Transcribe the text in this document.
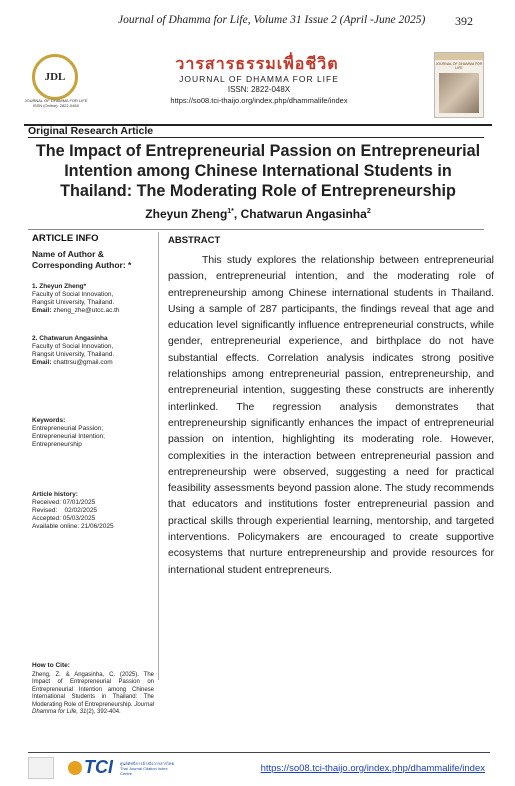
Journal of Dhamma for Life, Volume 31 Issue 2 (April -June 2025) 392
JDL
JOURNAL OF DHAMMA FOR LIFE ISSN (Online): 2822-048X
วารสารธรรมเพื่อชีวิต
JOURNAL OF DHAMMA FOR LIFE
ISSN: 2822-048X
https://so08.tci-thaijo.org/index.php/dhammalife/index
JOURNAL OF DHAMMA FOR LIFE
Original Research Article
The Impact of Entrepreneurial Passion on Entrepreneurial Intention among Chinese International Students in Thailand: The Moderating Role of Entrepreneurship
Zheyun Zheng$^{1*}$, Chatwarun Angasinha$^2$
ARTICLE INFO
Name of Author & Corresponding Author: *
1. Zheyun Zheng*
Faculty of Social Innovation,
Rangsit University, Thailand.
Email: zheng_zhe@utcc.ac.th
2. Chatwarun Angasinha
Faculty of Social Innovation,
Rangsit University, Thailand.
Email: chattrsu@gmail.com
Keywords:
Entrepreneurial Passion;
Entrepreneurial Intention;
Entrepreneurship
Article history:
Received: 07/01/2025
Revised:    02/02/2025
Accepted: 05/03/2025
Available online: 21/06/2025
ABSTRACT
This study explores the relationship between entrepreneurial passion, entrepreneurial intention, and the moderating role of entrepreneurship among Chinese international students in Thailand. Using a sample of 287 participants, the findings reveal that age and education level significantly influence entrepreneurial constructs, while gender, entrepreneurial experience, and birthplace do not have substantial effects. Correlation analysis indicates strong positive relationships among entrepreneurial passion, entrepreneurship, and entrepreneurial intention, suggesting these constructs are inherently interlinked. The regression analysis demonstrates that entrepreneurship significantly enhances the impact of entrepreneurial passion on intention, highlighting its moderating role. However, complexities in the interaction between entrepreneurial passion and entrepreneurship were observed, suggesting a need for practical feasibility assessments beyond passion alone. The study recommends that educators and institutions foster entrepreneurial passion and practical skills through experiential learning, mentorship, and targeted interventions. Policymakers are encouraged to create supportive ecosystems that nurture entrepreneurship and provide resources for international student entrepreneurs.
How to Cite:
Zheng, Z. & Angasinha, C. (2025). The Impact of Entrepreneurial Passion on Entrepreneurial Intention among Chinese International Students in Thailand: The Moderating Role of Entrepreneurship. Journal Dhamma for Life, 31(2), 392-404.
TCI ศูนย์ดัชนีการอ้างอิงวารสารไทย Thai Journal Citation Index Centre	https://so08.tci-thaijo.org/index.php/dhammalife/index
